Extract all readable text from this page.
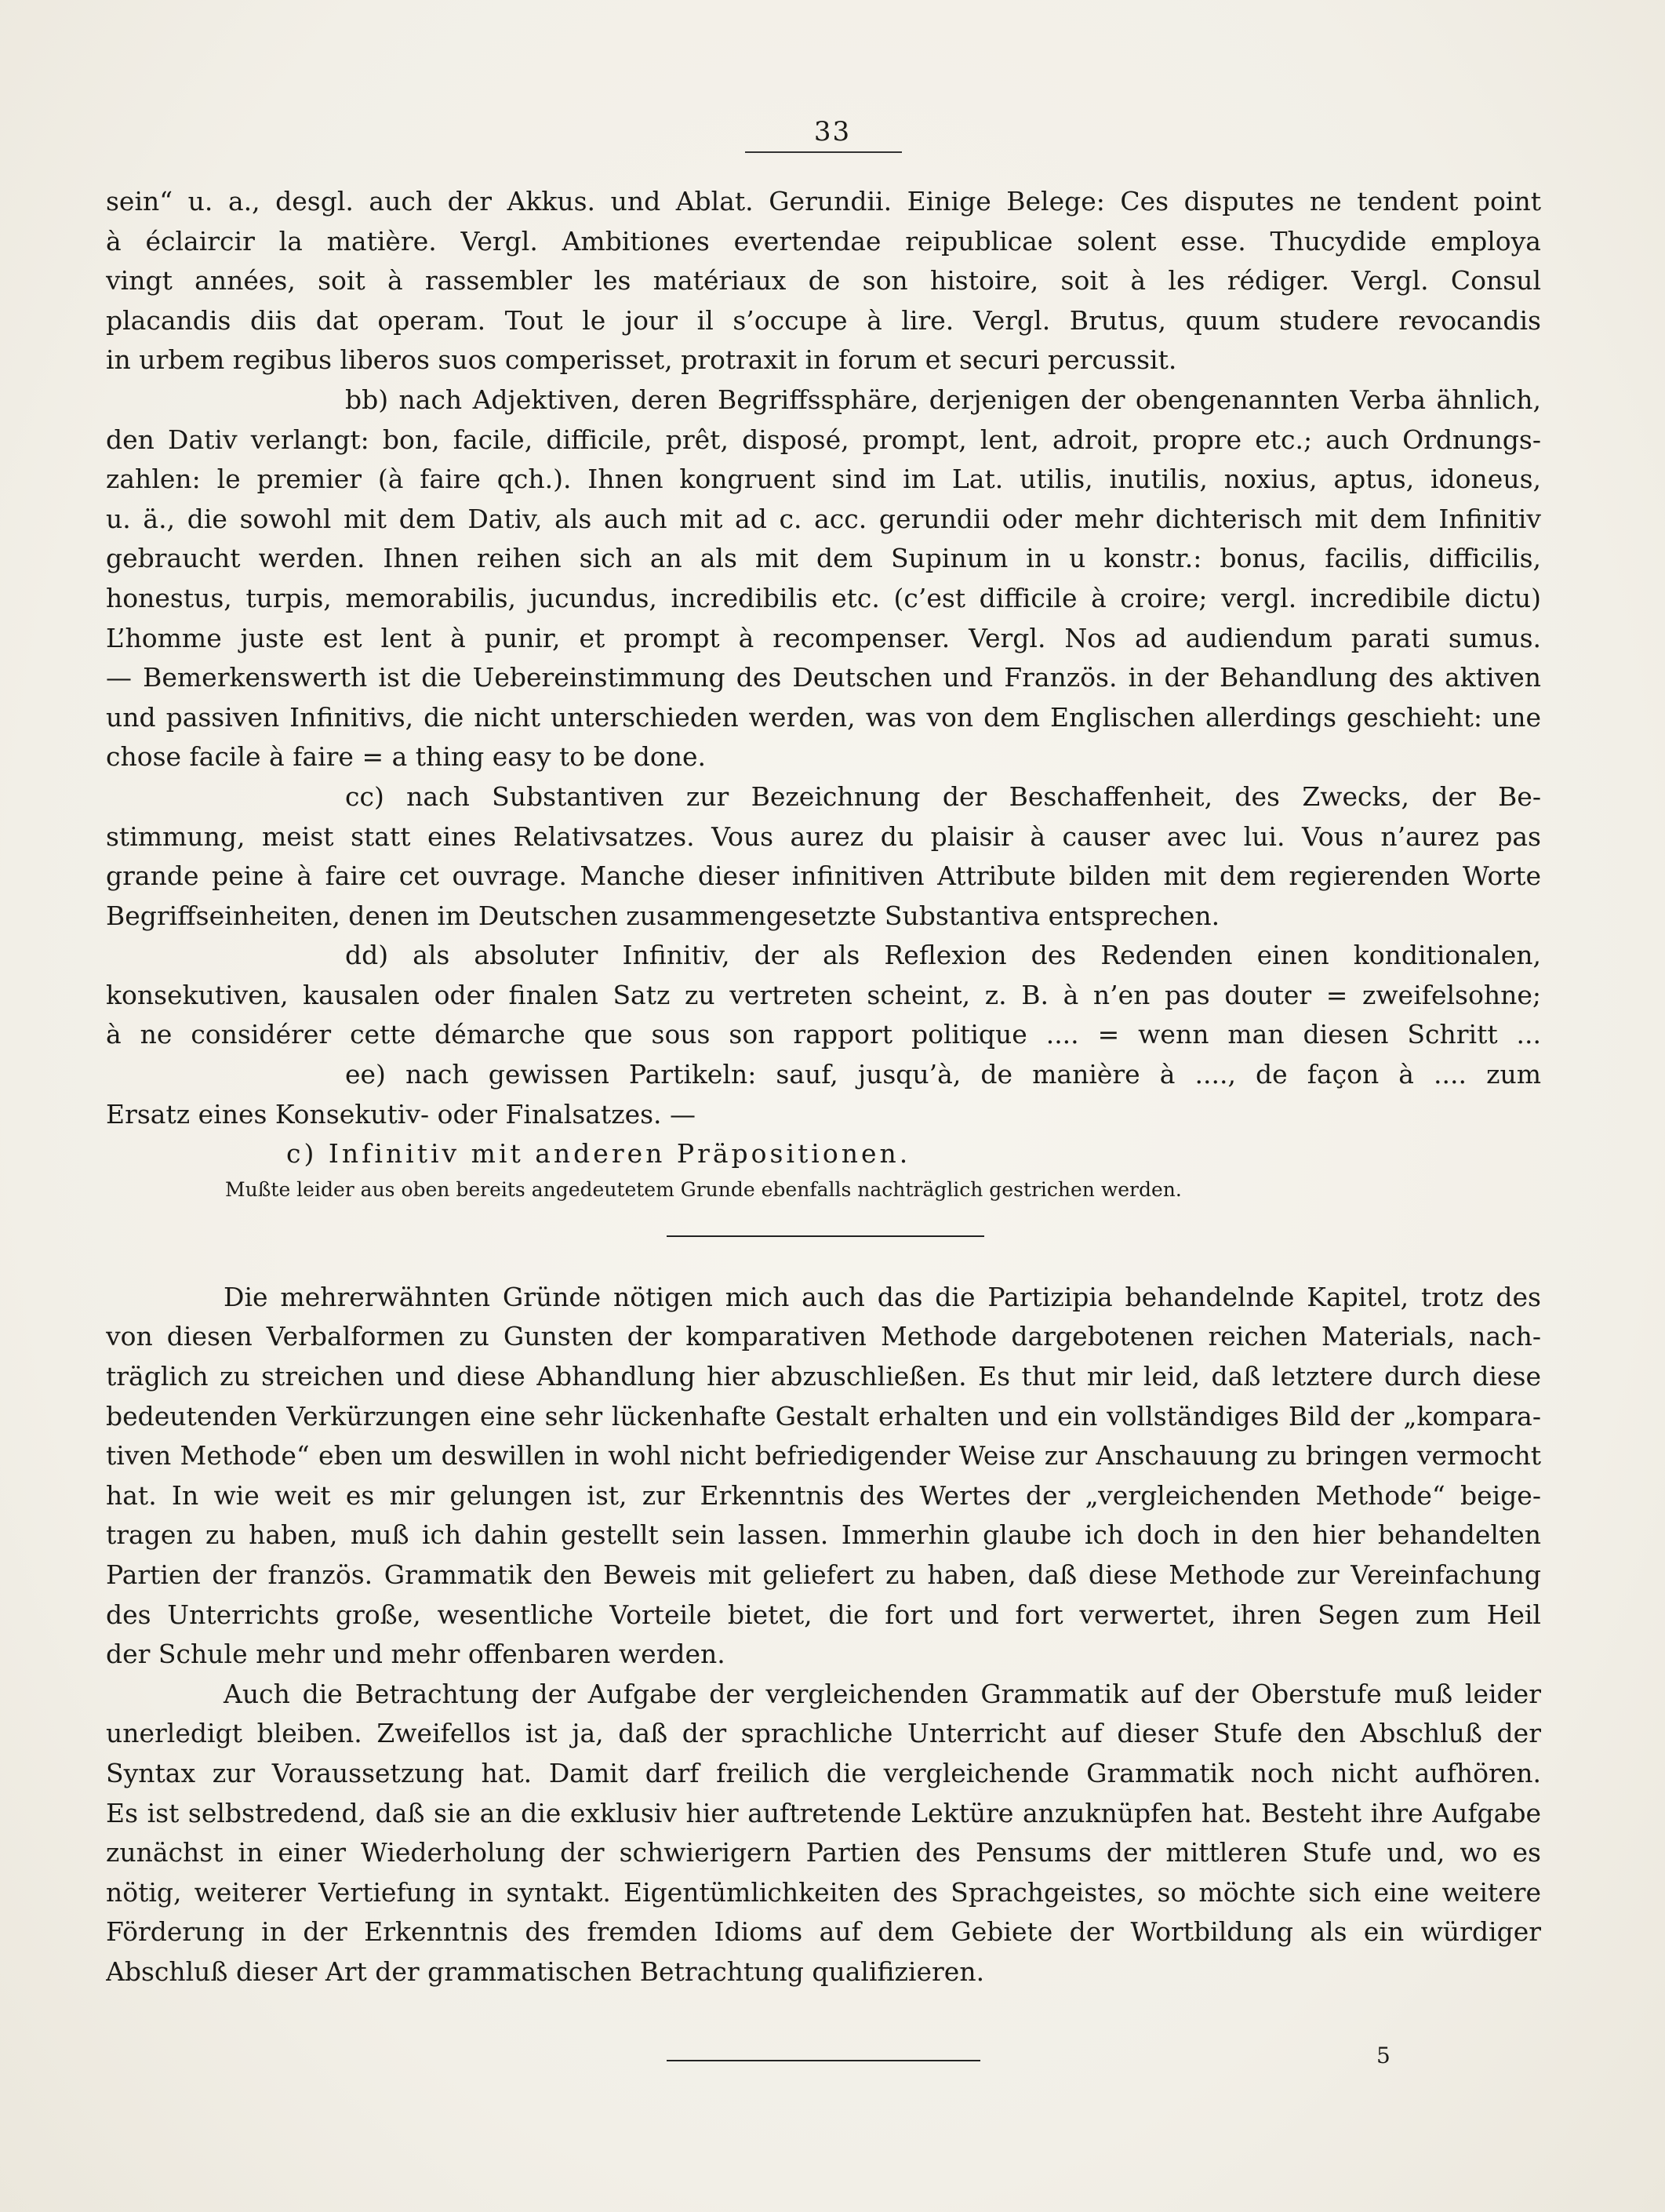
33
sein“ u. a., desgl. auch der Akkus. und Ablat. Gerundii. Einige Belege: Ces disputes ne tendent point
à éclaircir la matière. Vergl. Ambitiones evertendae reipublicae solent esse. Thucydide employa
vingt années, soit à rassembler les matériaux de son histoire, soit à les rédiger. Vergl. Consul
placandis diis dat operam. Tout le jour il s’occupe à lire. Vergl. Brutus, quum studere revocandis
in urbem regibus liberos suos comperisset, protraxit in forum et securi percussit.
bb) nach Adjektiven, deren Begriffssphäre, derjenigen der obengenannten Verba ähnlich,
den Dativ verlangt: bon, facile, difficile, prêt, disposé, prompt, lent, adroit, propre etc.; auch Ordnungs-
zahlen: le premier (à faire qch.). Ihnen kongruent sind im Lat. utilis, inutilis, noxius, aptus, idoneus,
u. ä., die sowohl mit dem Dativ, als auch mit ad c. acc. gerundii oder mehr dichterisch mit dem Infinitiv
gebraucht werden. Ihnen reihen sich an als mit dem Supinum in u konstr.: bonus, facilis, difficilis,
honestus, turpis, memorabilis, jucundus, incredibilis etc. (c’est difficile à croire; vergl. incredibile dictu)
L’homme juste est lent à punir, et prompt à recompenser. Vergl. Nos ad audiendum parati sumus.
— Bemerkenswerth ist die Uebereinstimmung des Deutschen und Französ. in der Behandlung des aktiven
und passiven Infinitivs, die nicht unterschieden werden, was von dem Englischen allerdings geschieht: une
chose facile à faire = a thing easy to be done.
cc) nach Substantiven zur Bezeichnung der Beschaffenheit, des Zwecks, der Be-
stimmung, meist statt eines Relativsatzes. Vous aurez du plaisir à causer avec lui. Vous n’aurez pas
grande peine à faire cet ouvrage. Manche dieser infinitiven Attribute bilden mit dem regierenden Worte
Begriffseinheiten, denen im Deutschen zusammengesetzte Substantiva entsprechen.
dd) als absoluter Infinitiv, der als Reflexion des Redenden einen konditionalen,
konsekutiven, kausalen oder finalen Satz zu vertreten scheint, z. B. à n’en pas douter = zweifelsohne;
à ne considérer cette démarche que sous son rapport politique .... = wenn man diesen Schritt ...
ee) nach gewissen Partikeln: sauf, jusqu’à, de manière à ...., de façon à .... zum
Ersatz eines Konsekutiv- oder Finalsatzes. —
c) Infinitiv mit anderen Präpositionen.
Mußte leider aus oben bereits angedeutetem Grunde ebenfalls nachträglich gestrichen werden.
Die mehrerwähnten Gründe nötigen mich auch das die Partizipia behandelnde Kapitel, trotz des
von diesen Verbalformen zu Gunsten der komparativen Methode dargebotenen reichen Materials, nach-
träglich zu streichen und diese Abhandlung hier abzuschließen. Es thut mir leid, daß letztere durch diese
bedeutenden Verkürzungen eine sehr lückenhafte Gestalt erhalten und ein vollständiges Bild der „kompara-
tiven Methode“ eben um deswillen in wohl nicht befriedigender Weise zur Anschauung zu bringen vermocht
hat. In wie weit es mir gelungen ist, zur Erkenntnis des Wertes der „vergleichenden Methode“ beige-
tragen zu haben, muß ich dahin gestellt sein lassen. Immerhin glaube ich doch in den hier behandelten
Partien der französ. Grammatik den Beweis mit geliefert zu haben, daß diese Methode zur Vereinfachung
des Unterrichts große, wesentliche Vorteile bietet, die fort und fort verwertet, ihren Segen zum Heil
der Schule mehr und mehr offenbaren werden.
Auch die Betrachtung der Aufgabe der vergleichenden Grammatik auf der Oberstufe muß leider
unerledigt bleiben. Zweifellos ist ja, daß der sprachliche Unterricht auf dieser Stufe den Abschluß der
Syntax zur Voraussetzung hat. Damit darf freilich die vergleichende Grammatik noch nicht aufhören.
Es ist selbstredend, daß sie an die exklusiv hier auftretende Lektüre anzuknüpfen hat. Besteht ihre Aufgabe
zunächst in einer Wiederholung der schwierigern Partien des Pensums der mittleren Stufe und, wo es
nötig, weiterer Vertiefung in syntakt. Eigentümlichkeiten des Sprachgeistes, so möchte sich eine weitere
Förderung in der Erkenntnis des fremden Idioms auf dem Gebiete der Wortbildung als ein würdiger
Abschluß dieser Art der grammatischen Betrachtung qualifizieren.
5
